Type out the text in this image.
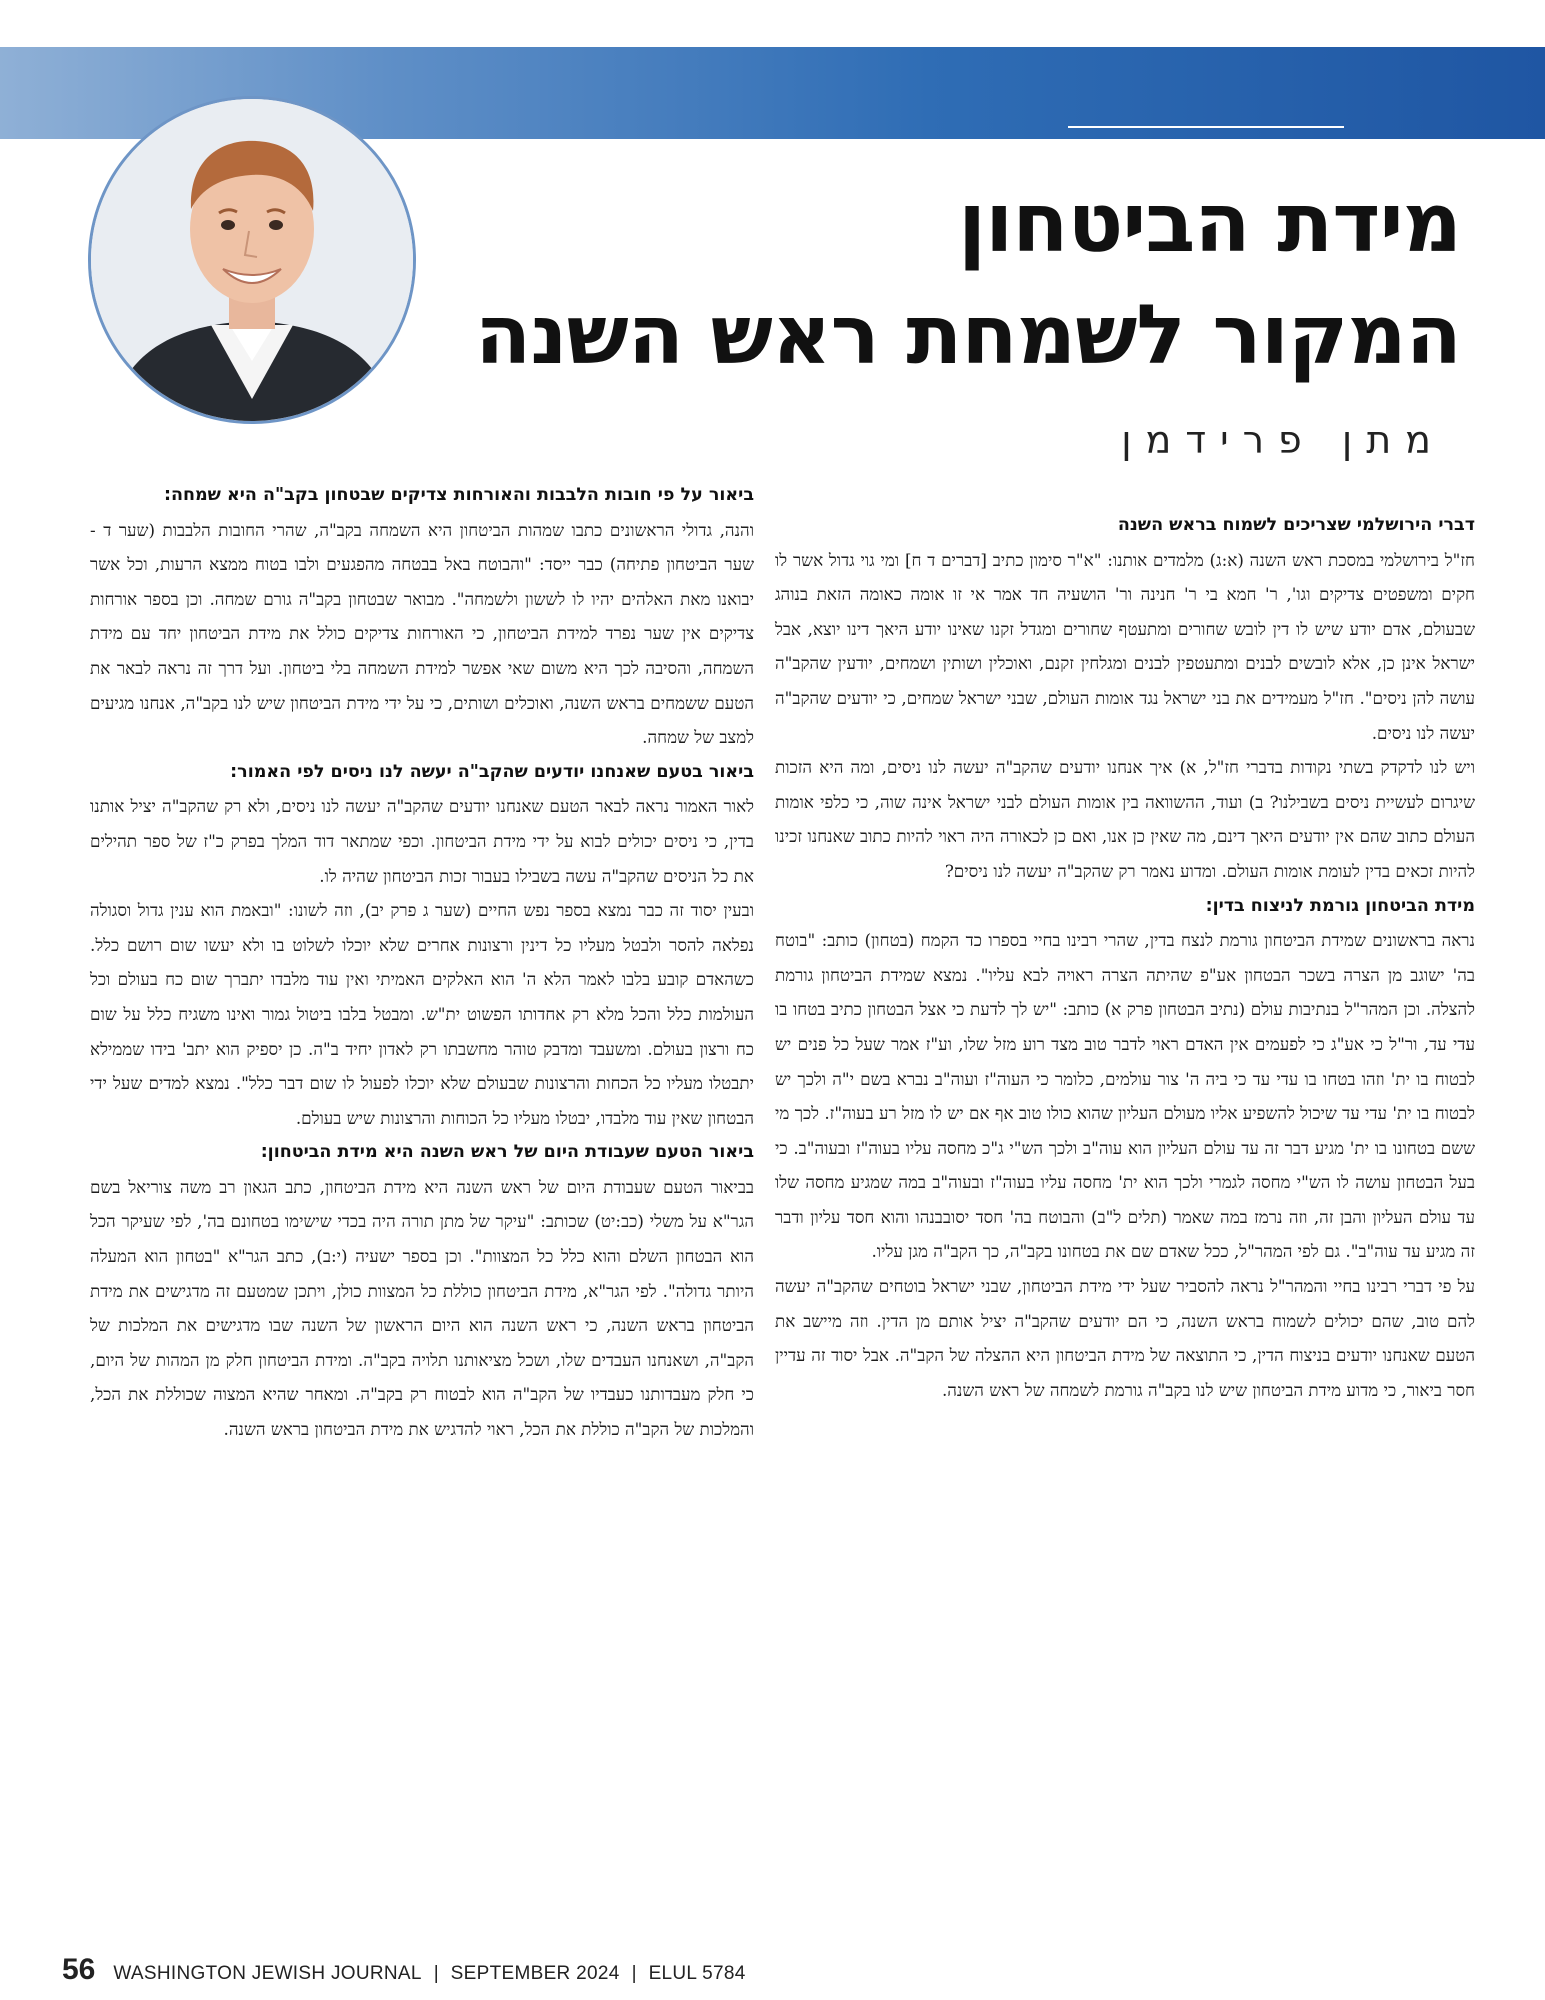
מידת הביטחון
המקור לשמחת ראש השנה
מתן פרידמן
דברי הירושלמי שצריכים לשמוח בראש השנה

חז"ל בירושלמי במסכת ראש השנה (א:ג) מלמדים אותנו: "א"ר סימון כתיב [דברים ד ח] ומי גוי גדול אשר לו חקים ומשפטים צדיקים וגו', ר' חמא בי ר' חנינה ור' הושעיה חד אמר אי זו אומה כאומה הזאת בנוהג שבעולם, אדם יודע שיש לו דין לובש שחורים ומתעטף שחורים ומגדל זקנו שאינו יודע היאך דינו יוצא, אבל ישראל אינן כן, אלא לובשים לבנים ומתעטפין לבנים ומגלחין זקנם, ואוכלין ושותין ושמחים, יודעין שהקב"ה עושה להן ניסים". חז"ל מעמידים את בני ישראל נגד אומות העולם, שבני ישראל שמחים, כי יודעים שהקב"ה יעשה לנו ניסים.

ויש לנו לדקדק בשתי נקודות בדברי חז"ל, א) איך אנחנו יודעים שהקב"ה יעשה לנו ניסים, ומה היא הזכות שיגרום לעשיית ניסים בשבילנו? ב) ועוד, ההשוואה בין אומות העולם לבני ישראל אינה שוה, כי כלפי אומות העולם כתוב שהם אין יודעים היאך דינם, מה שאין כן אנו, ואם כן לכאורה היה ראוי להיות כתוב שאנחנו זכינו להיות זכאים בדין לעומת אומות העולם. ומדוע נאמר רק שהקב"ה יעשה לנו ניסים?

מידת הביטחון גורמת לניצוח בדין:

נראה בראשונים שמידת הביטחון גורמת לנצח בדין, שהרי רבינו בחיי בספרו כד הקמח (בטחון) כותב: "בוטח בה' ישוגב מן הצרה בשכר הבטחון אע"פ שהיתה הצרה ראויה לבא עליו". נמצא שמידת הביטחון גורמת להצלה. וכן המהר"ל בנתיבות עולם (נתיב הבטחון פרק א) כותב: "יש לך לדעת כי אצל הבטחון כתיב בטחו בו עדי עד, ור"ל כי אע"ג כי לפעמים אין האדם ראוי לדבר טוב מצד רוע מזל שלו, וע"ז אמר שעל כל פנים יש לבטוח בו ית' וזהו בטחו בו עדי עד כי ביה ה' צור עולמים, כלומר כי העוה"ז ועוה"ב נברא בשם י"ה ולכך יש לבטוח בו ית' עדי עד שיכול להשפיע אליו מעולם העליון שהוא כולו טוב אף אם יש לו מזל רע בעוה"ז. לכך מי ששם בטחונו בו ית' מגיע דבר זה עד עולם העליון הוא עוה"ב ולכך הש"י ג"כ מחסה עליו בעוה"ז ובעוה"ב. כי בעל הבטחון עושה לו הש"י מחסה לגמרי ולכך הוא ית' מחסה עליו בעוה"ז ובעוה"ב במה שמגיע מחסה שלו עד עולם העליון והבן זה, וזה נרמז במה שאמר (תלים ל"ב) והבוטח בה' חסד יסובבנהו והוא חסד עליון ודבר זה מגיע עד עוה"ב". גם לפי המהר"ל, ככל שאדם שם את בטחונו בקב"ה, כך הקב"ה מגן עליו.

על פי דברי רבינו בחיי והמהר"ל נראה להסביר שעל ידי מידת הביטחון, שבני ישראל בוטחים שהקב"ה יעשה להם טוב, שהם יכולים לשמוח בראש השנה, כי הם יודעים שהקב"ה יציל אותם מן הדין. וזה מיישב את הטעם שאנחנו יודעים בניצוח הדין, כי התוצאה של מידת הביטחון היא ההצלה של הקב"ה. אבל יסוד זה עדיין חסר ביאור, כי מדוע מידת הביטחון שיש לנו בקב"ה גורמת לשמחה של ראש השנה.

ביאור על פי חובות הלבבות והאורחות צדיקים שבטחון בקב"ה היא שמחה:

והנה, גדולי הראשונים כתבו שמהות הביטחון היא השמחה בקב"ה, שהרי החובות הלבבות (שער ד - שער הביטחון פתיחה) כבר ייסד: "והבוטח באל בבטחה מהפגעים ולבו בטוח ממצא הרעות, וכל אשר יבואנו מאת האלהים יהיו לו לששון ולשמחה". מבואר שבטחון בקב"ה גורם שמחה. וכן בספר אורחות צדיקים אין שער נפרד למידת הביטחון, כי האורחות צדיקים כולל את מידת הביטחון יחד עם מידת השמחה, והסיבה לכך היא משום שאי אפשר למידת השמחה בלי ביטחון. ועל דרך זה נראה לבאר את הטעם ששמחים בראש השנה, ואוכלים ושותים, כי על ידי מידת הביטחון שיש לנו בקב"ה, אנחנו מגיעים למצב של שמחה.

ביאור בטעם שאנחנו יודעים שהקב"ה יעשה לנו ניסים לפי האמור:

לאור האמור נראה לבאר הטעם שאנחנו יודעים שהקב"ה יעשה לנו ניסים, ולא רק שהקב"ה יציל אותנו בדין, כי ניסים יכולים לבוא על ידי מידת הביטחון. וכפי שמתאר דוד המלך בפרק כ"ז של ספר תהילים את כל הניסים שהקב"ה עשה בשבילו בעבור זכות הביטחון שהיה לו.

ובעין יסוד זה כבר נמצא בספר נפש החיים (שער ג פרק יב), וזה לשונו: "ובאמת הוא ענין גדול וסגולה נפלאה להסר ולבטל מעליו כל דינין ורצונות אחרים שלא יוכלו לשלוט בו ולא יעשו שום רושם כלל. כשהאדם קובע בלבו לאמר הלא ה' הוא האלקים האמיתי ואין עוד מלבדו יתברך שום כח בעולם וכל העולמות כלל והכל מלא רק אחדותו הפשוט ית"ש. ומבטל בלבו ביטול גמור ואינו משגיח כלל על שום כח ורצון בעולם. ומשעבד ומדבק טוהר מחשבתו רק לאדון יחיד ב"ה. כן יספיק הוא יתב' בידו שממילא יתבטלו מעליו כל הכחות והרצונות שבעולם שלא יוכלו לפעול לו שום דבר כלל". נמצא למדים שעל ידי הבטחון שאין עוד מלבדו, יבטלו מעליו כל הכוחות והרצונות שיש בעולם.

ביאור הטעם שעבודת היום של ראש השנה היא מידת הביטחון:

בביאור הטעם שעבודת היום של ראש השנה היא מידת הביטחון, כתב הגאון רב משה צוריאל בשם הגר"א על משלי (כב:יט) שכותב: "עיקר של מתן תורה היה בכדי שישימו בטחונם בה', לפי שעיקר הכל הוא הבטחון השלם והוא כלל כל המצוות". וכן בספר ישעיה (י:ב), כתב הגר"א "בטחון הוא המעלה היותר גדולה". לפי הגר"א, מידת הביטחון כוללת כל המצוות כולן, ויתכן שמטעם זה מדגישים את מידת הביטחון בראש השנה, כי ראש השנה הוא היום הראשון של השנה שבו מדגישים את המלכות של הקב"ה, ושאנחנו העבדים שלו, ושכל מציאותנו תלויה בקב"ה. ומידת הביטחון חלק מן המהות של היום, כי חלק מעבדותנו כעבדיו של הקב"ה הוא לבטוח רק בקב"ה. ומאחר שהיא המצוה שכוללת את הכל, והמלכות של הקב"ה כוללת את הכל, ראוי להדגיש את מידת הביטחון בראש השנה.

56 WASHINGTON JEWISH JOURNAL | SEPTEMBER 2024 | ELUL 5784
